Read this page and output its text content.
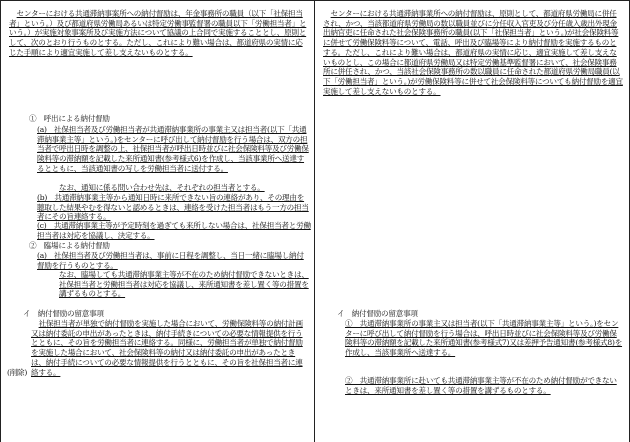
センターにおける共通滞納事案所への納付督励は、年金事務所の職員（以下「社保担当者」という。）及び都道府県労働局あるいは特定労働事監督署の職員以下「労働担当者」という。）が実施対象事案所及び実施方法について協議の上合同で実施することとし、原則として、次のとおり行うものとする。ただし、これにより難い場合は、都道府県の実情に応じた手順により適宜実施して差し支えないものとする。
①　呼出による納付督励
(a)　社保担当者及び労働担当者が共通滞納事業所の事業主又は担当者(以下「共通滞納事業主等」という。)をセンターに呼び出して納付督励を行う場合は、双方の担当者で呼出日時を調整の上、社保担当者が呼出日時並びに社会保険料等及び労働保険料等の滞納額を記載した来所通知書(参考様式6)を作成し、当該事業所へ送達するとともに、当該通知書の写しを労働担当者に送付する。
なお、通知に係る問い合わせ先は、それぞれの担当者とする。
(b)　共通滞納事業主等から通知日時に来所できない旨の連絡があり、その理由を聴取した結果やむを得ないと認めるときは、連絡を受けた担当者はもう一方の担当者にその旨連絡する。
(c)　共通滞納事業主等が予定時刻を過ぎても来所しない場合は、社保担当者と労働担当者は対応を協議し、決定する。
②　臨場による納付督励
(a)　社保担当者及び労働担当者は、事前に日程を調整し、当日一緒に臨場し納付督励を行うものとする。
なお、臨場しても共通滞納事業主等が不在のため納付督励できないときは、社保担当者と労働担当者は対応を協議し、来所通知書を差し置く等の措置を講ずるものとする。
イ　納付督励の留意事項
社保担当者が単独で納付督励を実施した場合において、労働保険料等の納付計画又は納付委託の申出があったときは、納付手続きについての必要な情報提供を行うとともに、その旨を労働担当者に連絡する。同様に、労働担当者が単独で納付督励を実施した場合において、社会保険料等の納付又は納付委託の申出があったときは、納付手続についての必要な情報提供を行うとともに、その旨を社保担当者に連絡する。
(削除)
センターにおける共通滞納事業所への納付督励は、原則として、都道府県労働局に併任され、かつ、当該都道府県労働局の数以職員並びに分任収入官吏及び分任歳入歳出外現金出納官吏に任命された社会保険事務所の職員(以下「社保担当者」という。)が社会保険料等に併せて労働保険料等について、電話、呼出及び臨場等により納付督励を実施するものとする。ただし、これにより難い場合は、都道府県の実情に応じ、適宜実施して差し支えないものとし、この場合に都道府県労働局又は特定労働基準監督署において、社会保険事務所に併任され、かつ、当該社会保険事務所の数以職員に任命された都道府県労働局職員(以下「労働担当者」という。)が労働保険料等に併せて社会保険料等についても納付督励を適宜実施して差し支えないものとする。
イ　納付督励の留意事項
①　共通滞納事業所の事業主又は担当者(以下「共通滞納事業主等」という。)をセンターに呼び出して納付督励を行う場合は、呼出日時並びに社会保険料等及び労働保険料等の滞納額を記載した来所通知書(参考様式7)又は差押予告通知書(参考様式8)を作成し、当該事業所へ送達する。
②　共通滞納事業所に赴いても共通滞納事業主等が不在のため納付督励ができないときは、来所通知書を差し置く等の措置を講ずるものとする。
